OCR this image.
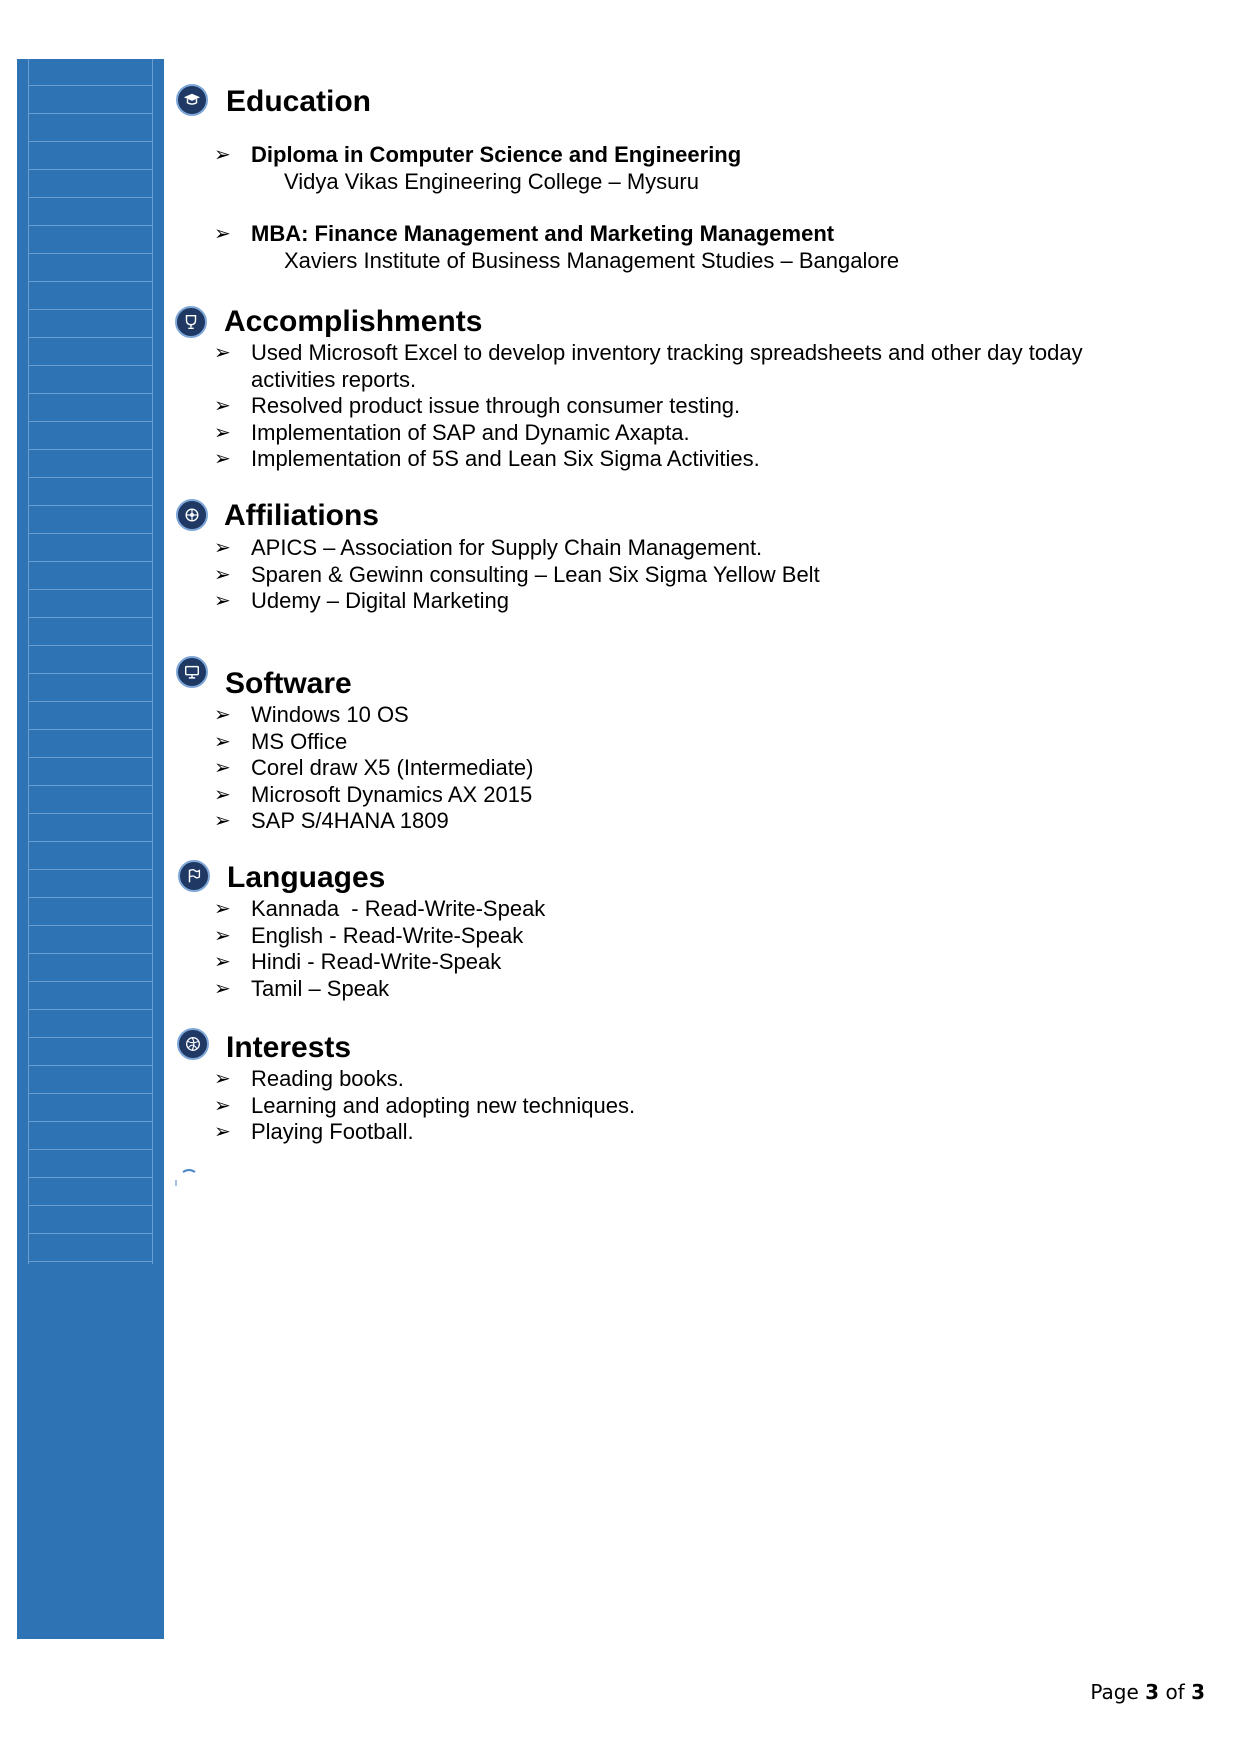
Education
➢ Diploma in Computer Science and Engineering
Vidya Vikas Engineering College – Mysuru
➢ MBA: Finance Management and Marketing Management
Xaviers Institute of Business Management Studies – Bangalore
Accomplishments
➢ Used Microsoft Excel to develop inventory tracking spreadsheets and other day today activities reports.
➢ Resolved product issue through consumer testing.
➢ Implementation of SAP and Dynamic Axapta.
➢ Implementation of 5S and Lean Six Sigma Activities.
Affiliations
➢ APICS – Association for Supply Chain Management.
➢ Sparen & Gewinn consulting – Lean Six Sigma Yellow Belt
➢ Udemy – Digital Marketing
Software
➢ Windows 10 OS
➢ MS Office
➢ Corel draw X5 (Intermediate)
➢ Microsoft Dynamics AX 2015
➢ SAP S/4HANA 1809
Languages
➢ Kannada  - Read-Write-Speak
➢ English - Read-Write-Speak
➢ Hindi - Read-Write-Speak
➢ Tamil – Speak
Interests
➢ Reading books.
➢ Learning and adopting new techniques.
➢ Playing Football.
Page 3 of 3
